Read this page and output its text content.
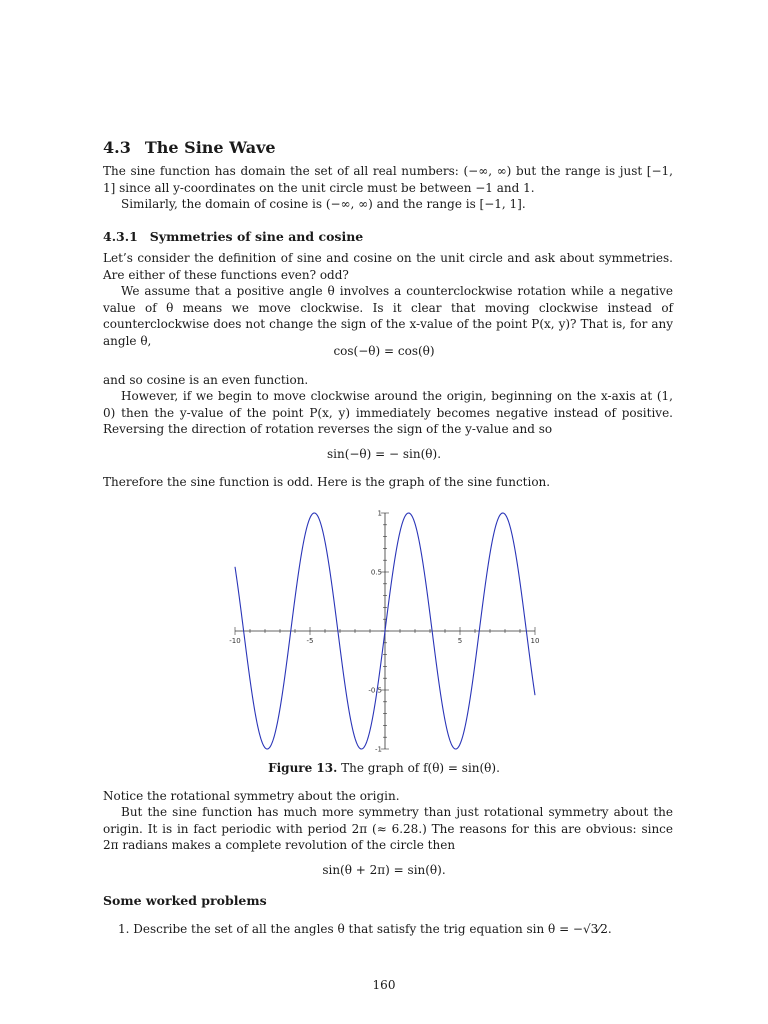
4.3 The Sine Wave
The sine function has domain the set of all real numbers: (−∞, ∞) but the range is just [−1, 1] since all y-coordinates on the unit circle must be between −1 and 1.
Similarly, the domain of cosine is (−∞, ∞) and the range is [−1, 1].
4.3.1 Symmetries of sine and cosine
Let’s consider the definition of sine and cosine on the unit circle and ask about symmetries. Are either of these functions even? odd?
We assume that a positive angle θ involves a counterclockwise rotation while a negative value of θ means we move clockwise. Is it clear that moving clockwise instead of counterclockwise does not change the sign of the x-value of the point P(x, y)? That is, for any angle θ,
cos(−θ) = cos(θ)
and so cosine is an even function.
However, if we begin to move clockwise around the origin, beginning on the x-axis at (1, 0) then the y-value of the point P(x, y) immediately becomes negative instead of positive. Reversing the direction of rotation reverses the sign of the y-value and so
sin(−θ) = − sin(θ).
Therefore the sine function is odd. Here is the graph of the sine function.
-10	-5	5	10
1
0.5
-0.5
-1
Figure 13. The graph of f(θ) = sin(θ).
Notice the rotational symmetry about the origin.
But the sine function has much more symmetry than just rotational symmetry about the origin. It is in fact periodic with period 2π (≈ 6.28.) The reasons for this are obvious: since 2π radians makes a complete revolution of the circle then
sin(θ + 2π) = sin(θ).
Some worked problems
1. Describe the set of all the angles θ that satisfy the trig equation sin θ = −√3⁄2.
160
